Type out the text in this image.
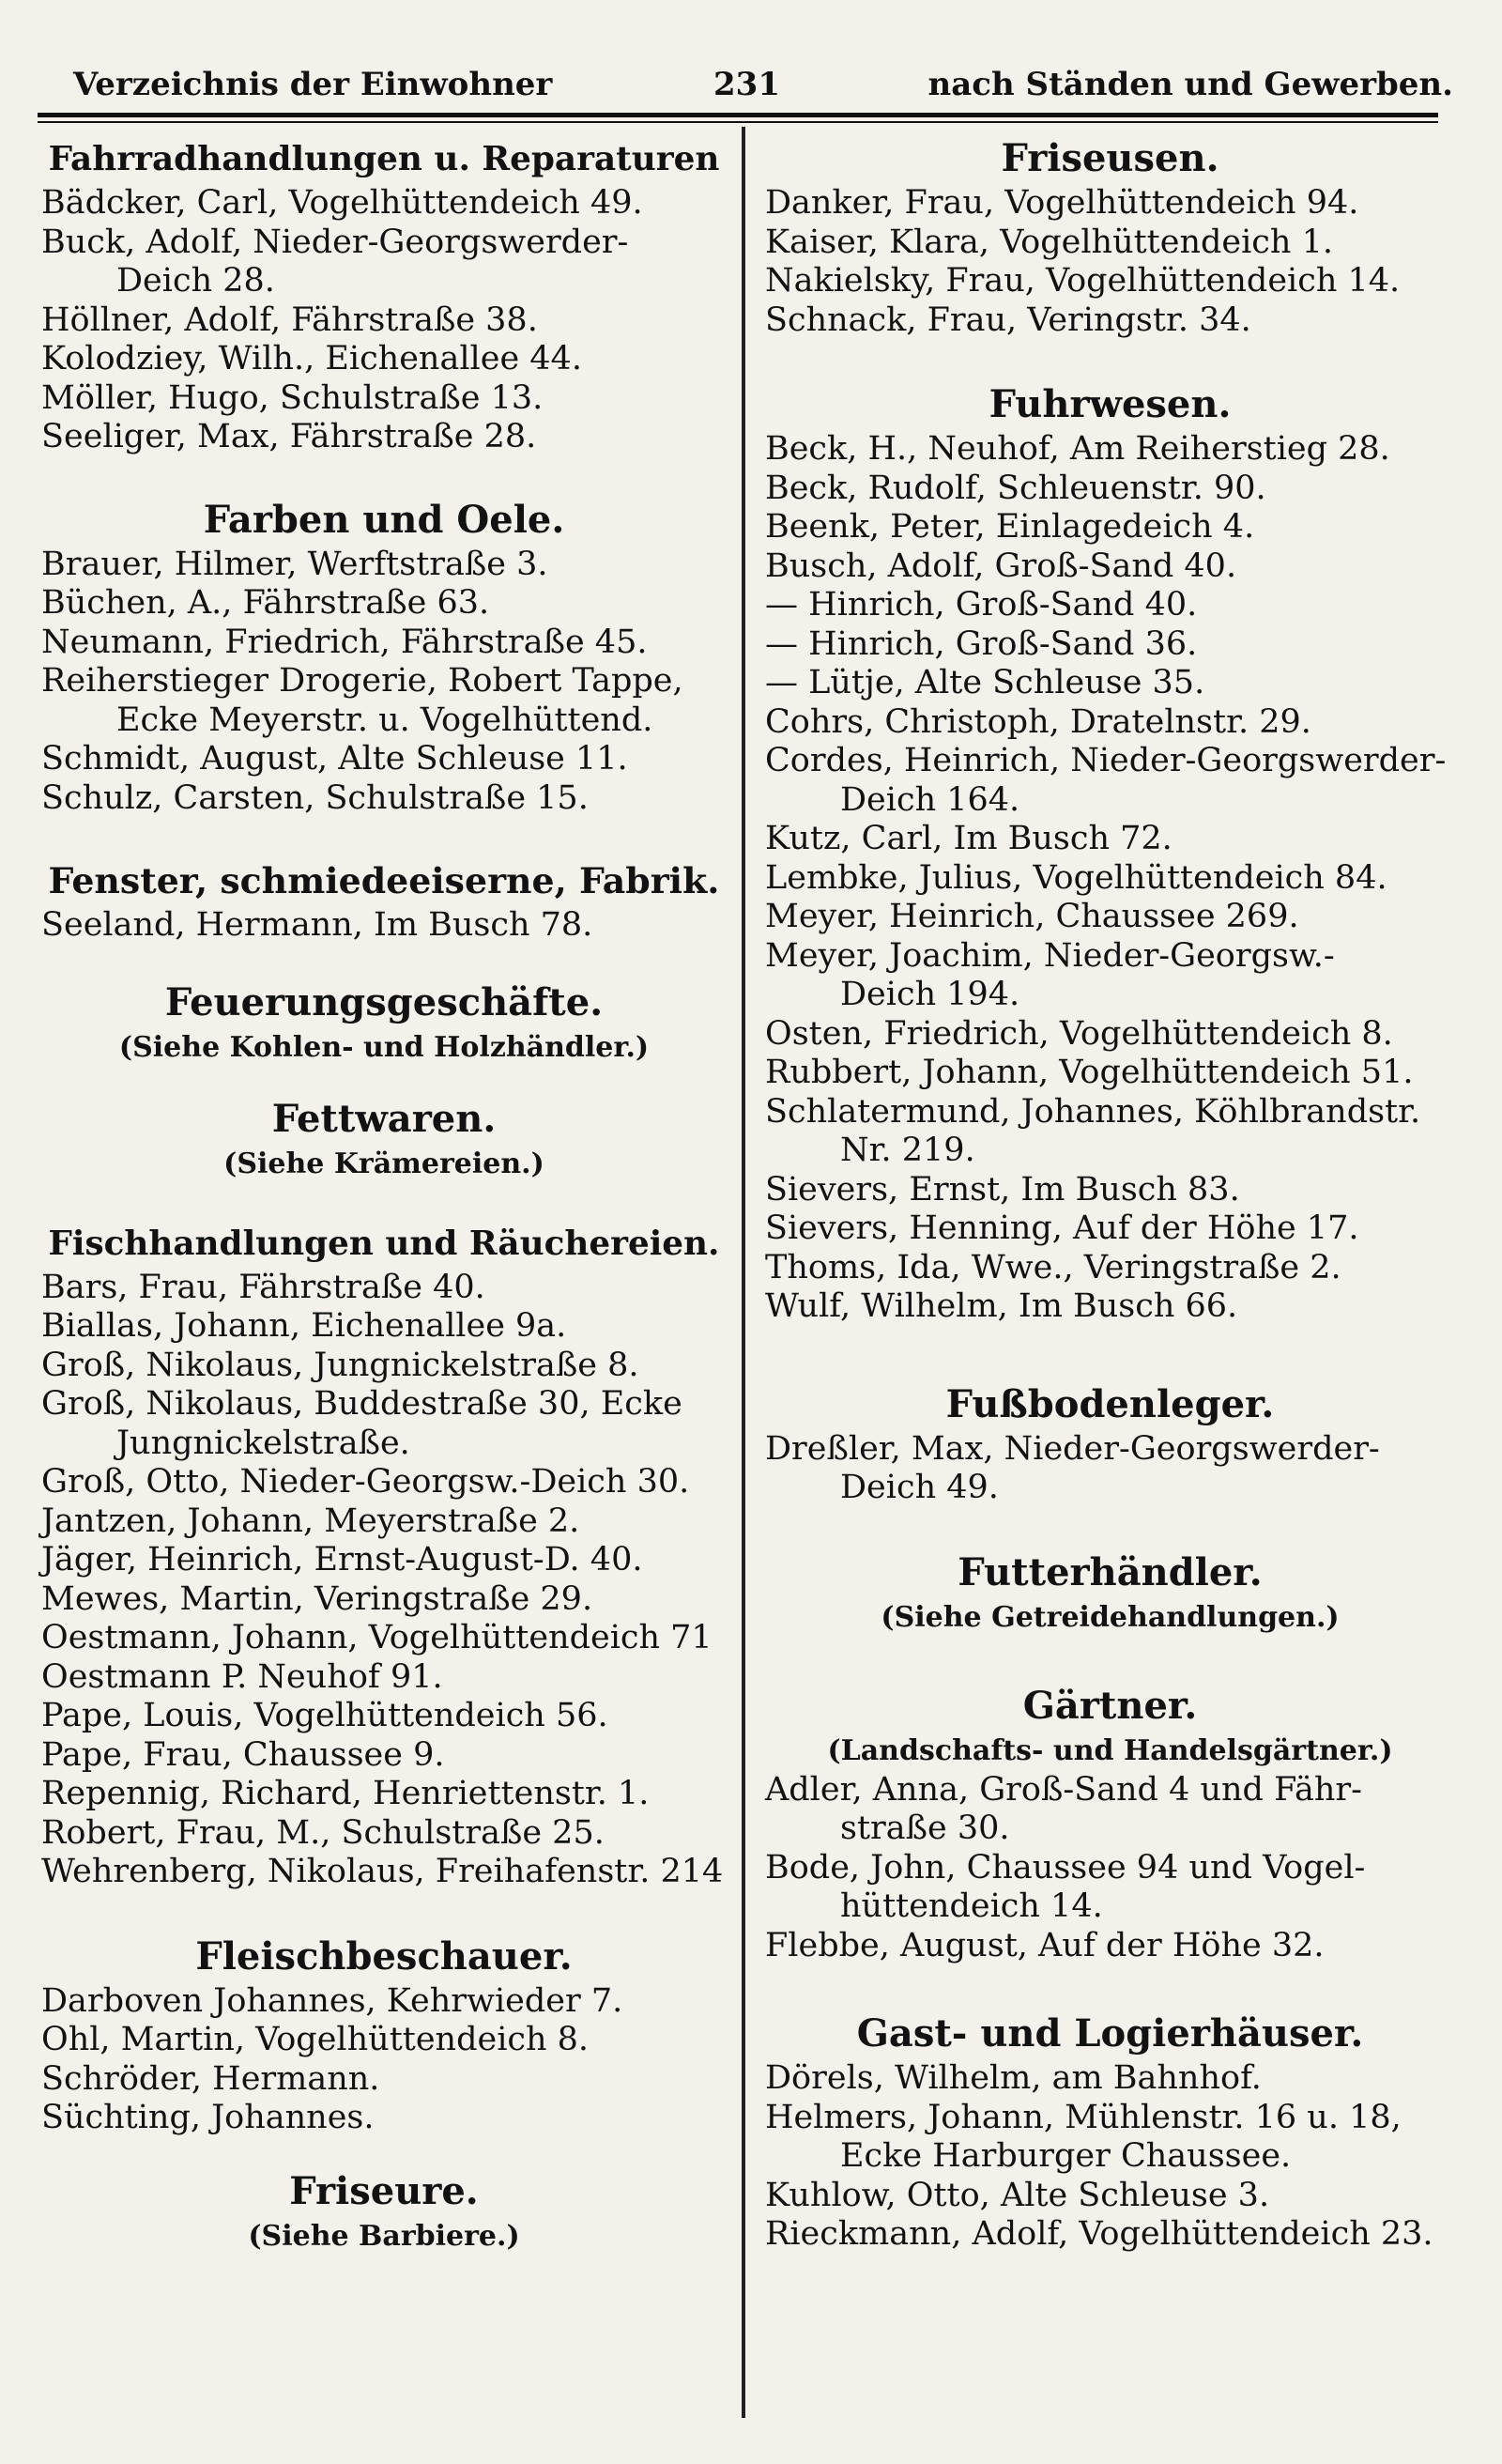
Verzeichnis der Einwohner	231	nach Ständen und Gewerben.
Fahrradhandlungen u. Reparaturen
Bädcker, Carl, Vogelhüttendeich 49.
Buck, Adolf, Nieder-Georgswerder-
Deich 28.
Höllner, Adolf, Fährstraße 38.
Kolodziey, Wilh., Eichenallee 44.
Möller, Hugo, Schulstraße 13.
Seeliger, Max, Fährstraße 28.
Farben und Oele.
Brauer, Hilmer, Werftstraße 3.
Büchen, A., Fährstraße 63.
Neumann, Friedrich, Fährstraße 45.
Reiherstieger Drogerie, Robert Tappe,
Ecke Meyerstr. u. Vogelhüttend.
Schmidt, August, Alte Schleuse 11.
Schulz, Carsten, Schulstraße 15.
Fenster, schmiedeeiserne, Fabrik.
Seeland, Hermann, Im Busch 78.
Feuerungsgeschäfte.
(Siehe Kohlen- und Holzhändler.)
Fettwaren.
(Siehe Krämereien.)
Fischhandlungen und Räuchereien.
Bars, Frau, Fährstraße 40.
Biallas, Johann, Eichenallee 9a.
Groß, Nikolaus, Jungnickelstraße 8.
Groß, Nikolaus, Buddestraße 30, Ecke
Jungnickelstraße.
Groß, Otto, Nieder-Georgsw.-Deich 30.
Jantzen, Johann, Meyerstraße 2.
Jäger, Heinrich, Ernst-August-D. 40.
Mewes, Martin, Veringstraße 29.
Oestmann, Johann, Vogelhüttendeich 71
Oestmann P. Neuhof 91.
Pape, Louis, Vogelhüttendeich 56.
Pape, Frau, Chaussee 9.
Repennig, Richard, Henriettenstr. 1.
Robert, Frau, M., Schulstraße 25.
Wehrenberg, Nikolaus, Freihafenstr. 214
Fleischbeschauer.
Darboven Johannes, Kehrwieder 7.
Ohl, Martin, Vogelhüttendeich 8.
Schröder, Hermann.
Süchting, Johannes.
Friseure.
(Siehe Barbiere.)
Friseusen.
Danker, Frau, Vogelhüttendeich 94.
Kaiser, Klara, Vogelhüttendeich 1.
Nakielsky, Frau, Vogelhüttendeich 14.
Schnack, Frau, Veringstr. 34.
Fuhrwesen.
Beck, H., Neuhof, Am Reiherstieg 28.
Beck, Rudolf, Schleuenstr. 90.
Beenk, Peter, Einlagedeich 4.
Busch, Adolf, Groß-Sand 40.
— Hinrich, Groß-Sand 40.
— Hinrich, Groß-Sand 36.
— Lütje, Alte Schleuse 35.
Cohrs, Christoph, Dratelnstr. 29.
Cordes, Heinrich, Nieder-Georgswerder-
Deich 164.
Kutz, Carl, Im Busch 72.
Lembke, Julius, Vogelhüttendeich 84.
Meyer, Heinrich, Chaussee 269.
Meyer, Joachim, Nieder-Georgsw.-
Deich 194.
Osten, Friedrich, Vogelhüttendeich 8.
Rubbert, Johann, Vogelhüttendeich 51.
Schlatermund, Johannes, Köhlbrandstr.
Nr. 219.
Sievers, Ernst, Im Busch 83.
Sievers, Henning, Auf der Höhe 17.
Thoms, Ida, Wwe., Veringstraße 2.
Wulf, Wilhelm, Im Busch 66.
Fußbodenleger.
Dreßler, Max, Nieder-Georgswerder-
Deich 49.
Futterhändler.
(Siehe Getreidehandlungen.)
Gärtner.
(Landschafts- und Handelsgärtner.)
Adler, Anna, Groß-Sand 4 und Fähr-
straße 30.
Bode, John, Chaussee 94 und Vogel-
hüttendeich 14.
Flebbe, August, Auf der Höhe 32.
Gast- und Logierhäuser.
Dörels, Wilhelm, am Bahnhof.
Helmers, Johann, Mühlenstr. 16 u. 18,
Ecke Harburger Chaussee.
Kuhlow, Otto, Alte Schleuse 3.
Rieckmann, Adolf, Vogelhüttendeich 23.
